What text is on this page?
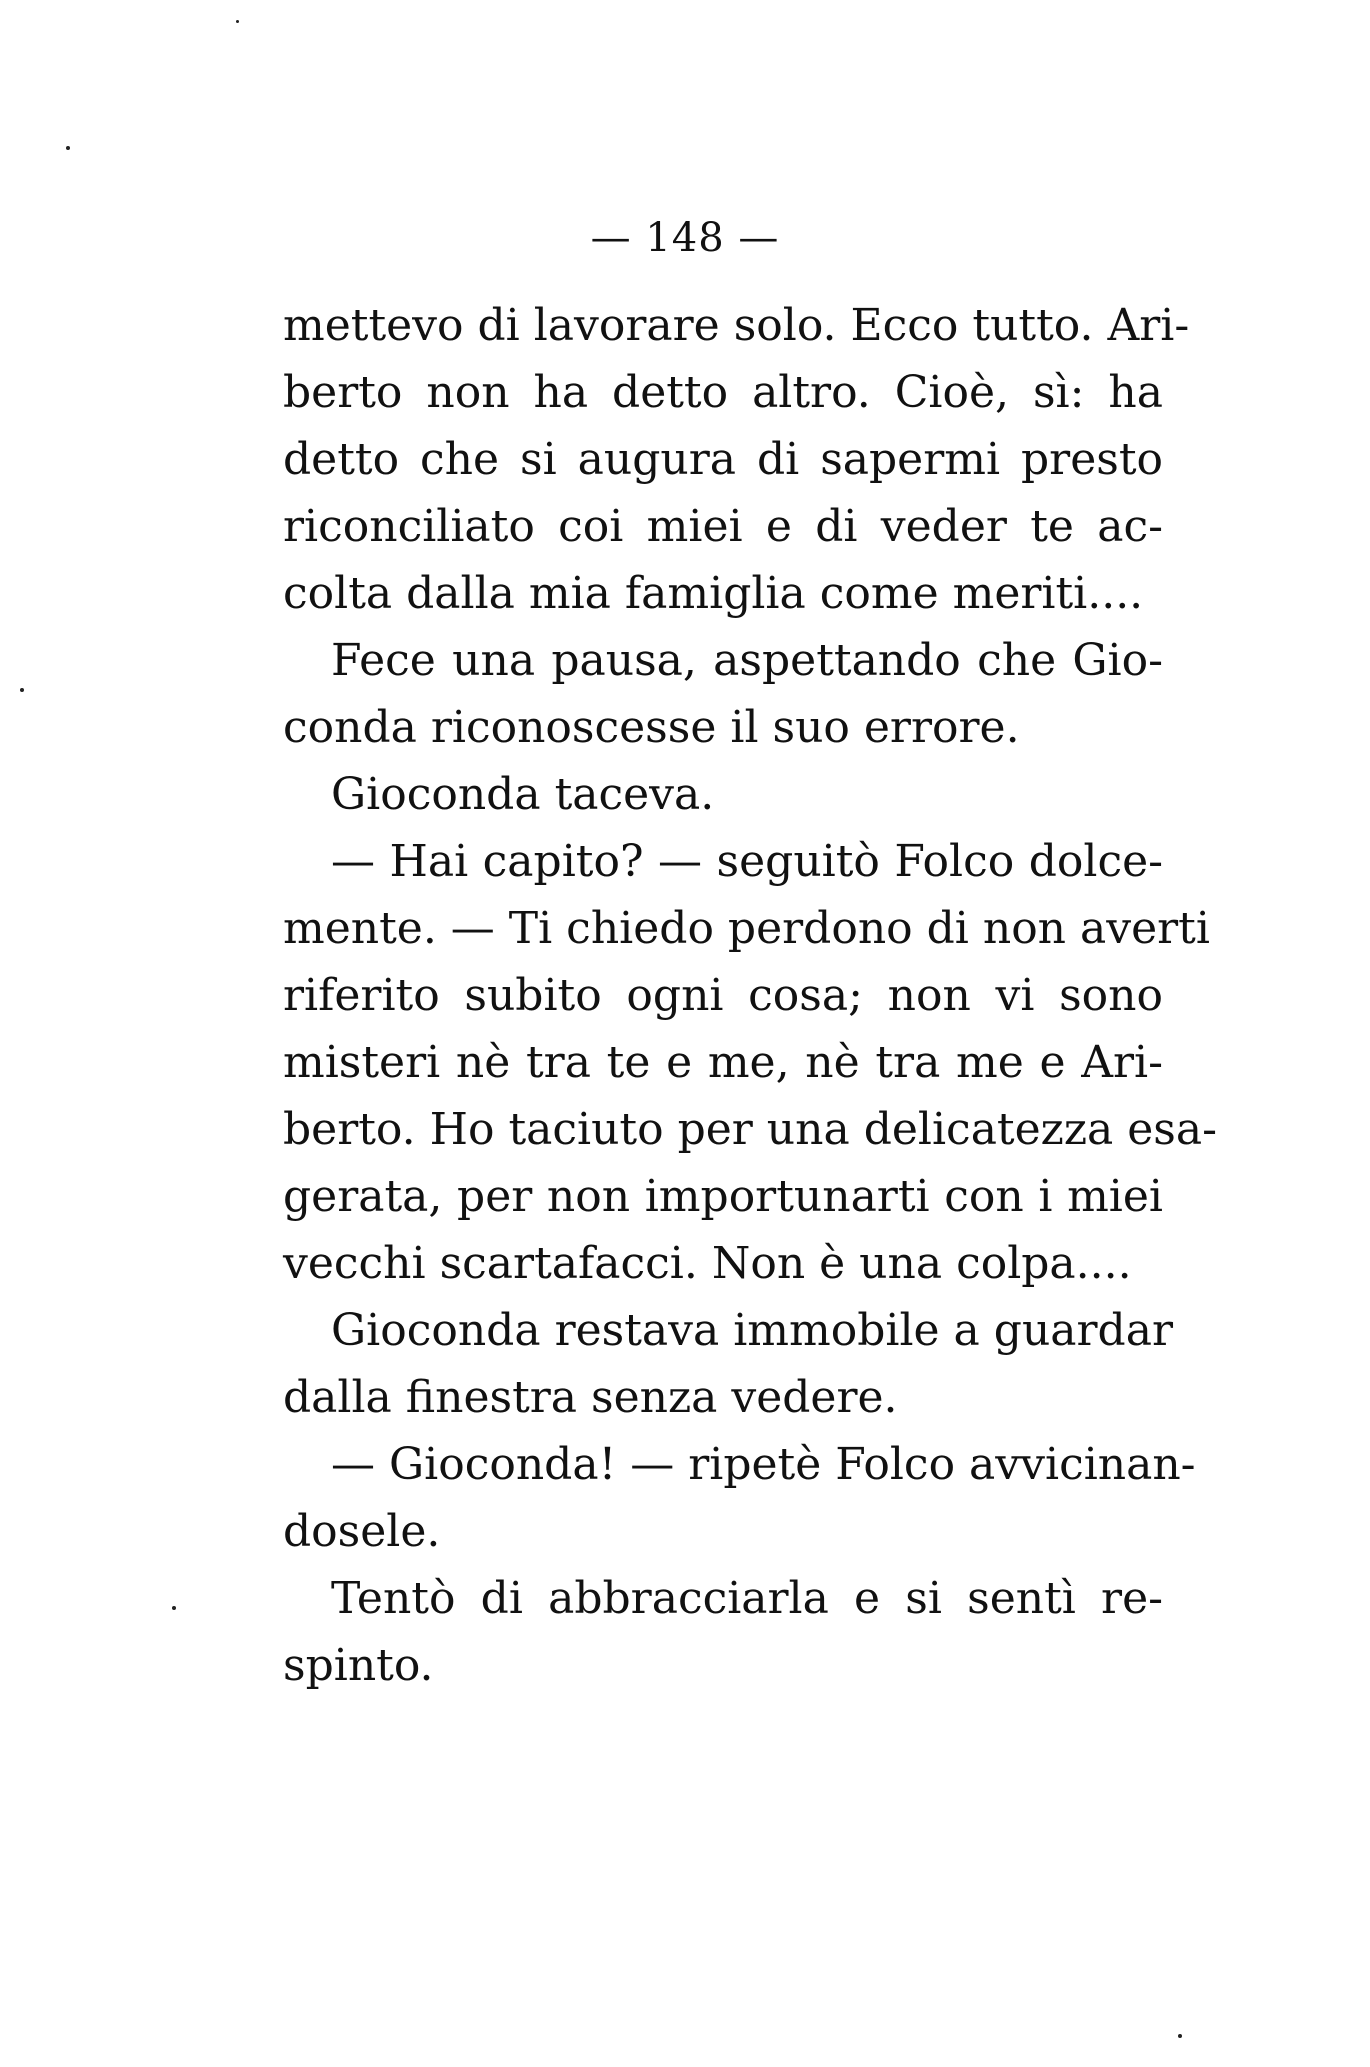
— 148 —
mettevo di lavorare solo. Ecco tutto. Ari-
berto non ha detto altro. Cioè, sì: ha
detto che si augura di sapermi presto
riconciliato coi miei e di veder te ac-
colta dalla mia famiglia come meriti....
Fece una pausa, aspettando che Gio-
conda riconoscesse il suo errore.
Gioconda taceva.
— Hai capito? — seguitò Folco dolce-
mente. — Ti chiedo perdono di non averti
riferito subito ogni cosa; non vi sono
misteri nè tra te e me, nè tra me e Ari-
berto. Ho taciuto per una delicatezza esa-
gerata, per non importunarti con i miei
vecchi scartafacci. Non è una colpa....
Gioconda restava immobile a guardar
dalla finestra senza vedere.
— Gioconda! — ripetè Folco avvicinan-
dosele.
Tentò di abbracciarla e si sentì re-
spinto.
